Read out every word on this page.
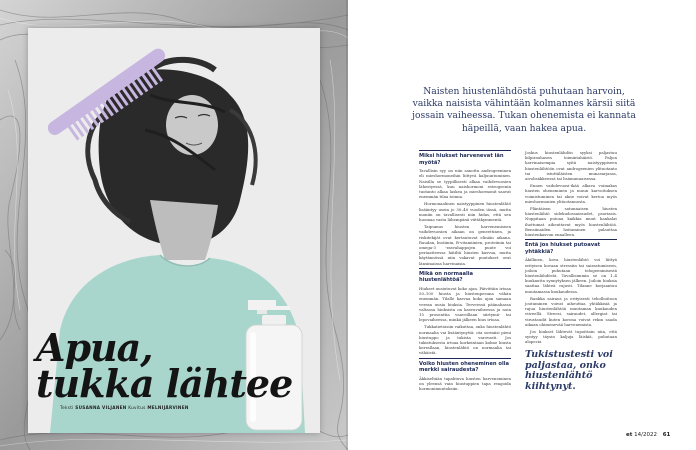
Apua,
tukka lähtee
Teksti SUSANNA VILJANEN Kuvitus MELNIJÄRVINEN
Naisten hiustenlähdöstä puhutaan harvoin, vaikka naisista vähintään kolmannes kärsii siitä jossain vaiheessa. Tukan ohenemista ei kannata häpeillä, vaan hakea apua.
Miksi hiukset harvenevat iän myötä?
Tavallisin syy on niin sanottu androgeeninen eli mieshormoneihin liittyvä kaljuuntuminen. Naisilla se tyypillisesti alkaa vaihdevuosien lähestyessä, kun naishormoni estrogeenin tuotanto alkaa laskea ja mieshormonit saavat enemmän tilaa toimia.
Hormonaalinen naistyyppinen hiustenlähtö lisääntyy usein jo 30–40 vuoden iässä, mutta moniin on tavallisesti niin hidas, että sen huomaa vasta lähempänä viittäkymmentä.
Taipumus hiusten harvenemiseen vaihdevuosien aikaan on geneettinen, ja riskitekijät ovat kertautuvat eliniän aikana. Raudan, biotiinin, B-vitamiinien, proteiinin tai omega-3 -rasvahappojen puute voi periaatteessa hätiltä hiusten kasvua, mutta käytännössä niin vakavat puutokset ovat länsimaissa harvinaisia.
Mikä on normaalia hiustenlähtöä?
Hiukset uusiutuvat koko ajan. Päivittäin irtoaa 50–100 hiusta ja hiustenpesuna vähän enemmän. Tilalle kasvaa koko ajan samaan verran uusia hiuksia. Terveessä päänahassa valtaosa hiuksista on kasvuvaiheessa ja noin 15 prosenttia vaaveillaan siirtymä- tai lepovaiheessa, minkä jälkeen hius irtoaa.
Tukkatietoisiin vaikuttaa, onko hiustenlähtö normaalia vai lisääntynyttä: ota sormiisi pieni hiustuppo ja tukista varovasti. Jos tukistuksesta irtoaa korkeintaan kolme hiusta kerrallaan, hiustenlähtö on normaalia tai vähäistä.
Voiko hiusten oheneminen olla merkki sairaudesta?
Äkkiseltään tapahtuva hiusten harveneminen on yleensä vain hiustuppien tapa reagoida hormonimuutoksiin.
Joskus hiustenlähdön syyksi paljastuu kilpirauhasen toimintahäiriö. Paljon harvinaisempia syitä naistyyppiseen hiustenlähtöön ovat androgeenien ylituotanto tai istuttäläisten munasarjassa, aivolisäkkeessä tai lisämunuaisessa.
Ennen vaihdevuosi-ikää alkava voimakas hiusten oheneminen ja muun karvoituksen voimistuminen tai akne voivat kertoa myös mieshormonien ylituotannosta.
Pläntäisen satunnaisen hiusten hiustenlähtö sidekudossairaudet, psoriasis. Nuppitaan putoaa kaikkia muut hankalat ihottumat aiheuttavat myös hiustenlähtöä. Bensiinaiden hoitaminen palauttaa hiustenkasvun ennalleen.
Entä jos hiukset putoavat yhtäkkiä?
Äkillinen, kova hiustenlähtö voi liittyä erityisen kovaan stressiin tai sairastumiseen, joiloin puhutaan telogeeninisestä hiustenlähdöstä. Tavallisimmin se on 1–4 kuukautta synnytyksen jälkeen. Joiloin hiuksia saattaa lähteä rajusti. Tilanne korjaantuu muutamassa kuukaudessa.
Rankka sairaus ja erityisesti teholhoitoon joutuminen voivat aiheuttaa yhtäkkisiä ja rajua hiustenlähtöä muutaman kuukauden viiveellä. Streesi, sairaudet, allergiat tai virustaudit kuten korona voivat rekin saada aikaan ohimenevää harvenemista.
Jos hiukset lähtevät tupoittain niin, että syntyy täysin kaljuja läiskiä, puhutaan alopecia
Tukistustesti voi paljastaa, onko hiustenlähtö kiihtynyt.
et 14/2022 61
